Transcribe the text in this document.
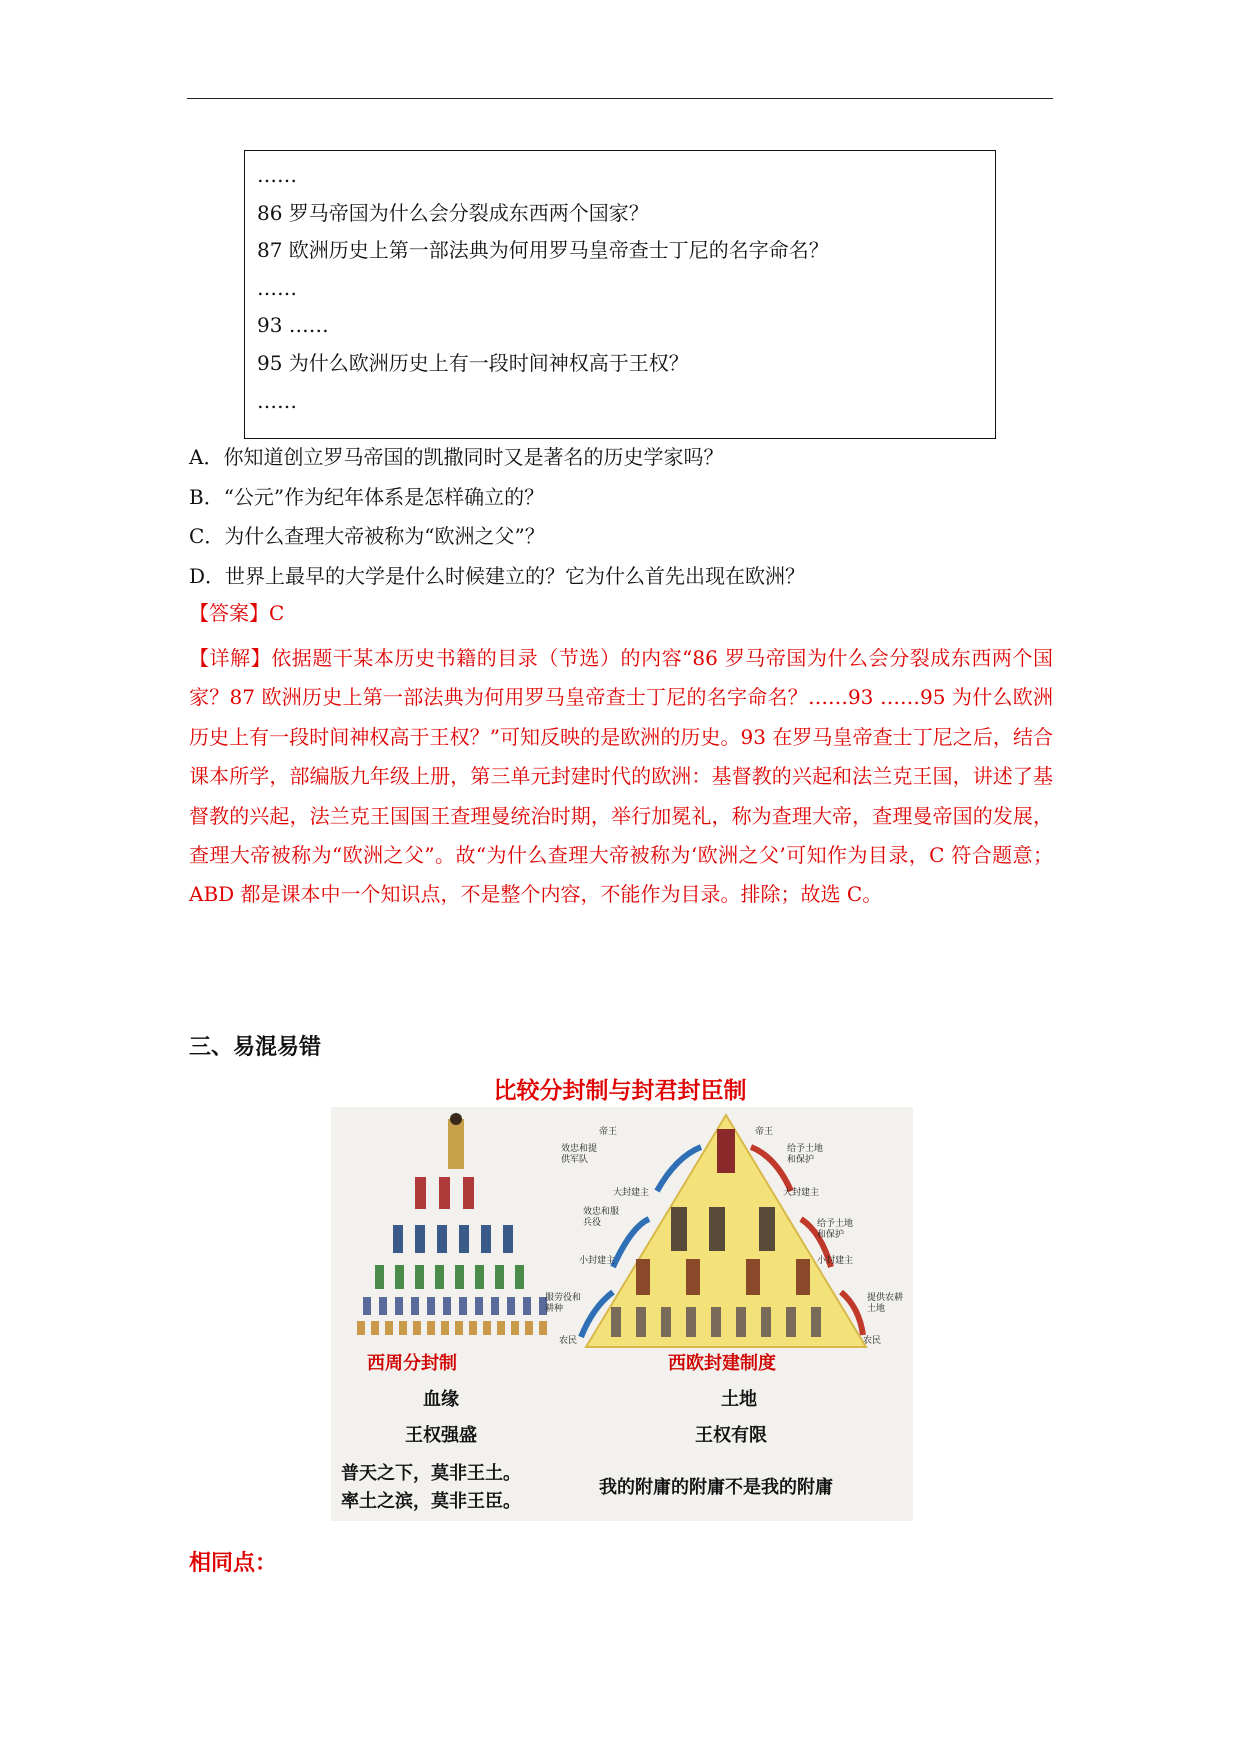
……
86 罗马帝国为什么会分裂成东西两个国家？
87 欧洲历史上第一部法典为何用罗马皇帝查士丁尼的名字命名？
……
93 ……
95 为什么欧洲历史上有一段时间神权高于王权？
……
A．你知道创立罗马帝国的凯撒同时又是著名的历史学家吗？
B．“公元”作为纪年体系是怎样确立的？
C．为什么查理大帝被称为“欧洲之父”？
D．世界上最早的大学是什么时候建立的？它为什么首先出现在欧洲？
【答案】C
【详解】依据题干某本历史书籍的目录（节选）的内容“86 罗马帝国为什么会分裂成东西两个国家？87 欧洲历史上第一部法典为何用罗马皇帝查士丁尼的名字命名？……93 ……95 为什么欧洲历史上有一段时间神权高于王权？”可知反映的是欧洲的历史。93 在罗马皇帝查士丁尼之后，结合课本所学，部编版九年级上册，第三单元封建时代的欧洲：基督教的兴起和法兰克王国，讲述了基督教的兴起，法兰克王国国王查理曼统治时期，举行加冕礼，称为查理大帝，查理曼帝国的发展，查理大帝被称为“欧洲之父”。故“为什么查理大帝被称为‘欧洲之父’可知作为目录，C 符合题意；ABD 都是课本中一个知识点，不是整个内容，不能作为目录。排除；故选 C。
三、易混易错
比较分封制与封君封臣制
帝王	帝王
效忠和提供军队
给予土地和保护
大封建主	大封建主
效忠和服兵役	给予土地和保护
小封建主	小封建主
服劳役和耕种
提供农耕土地
农民	农民
西周分封制
血缘
王权强盛
普天之下，莫非王土。
率土之滨，莫非王臣。
西欧封建制度
土地
王权有限
我的附庸的附庸不是我的附庸
相同点：
